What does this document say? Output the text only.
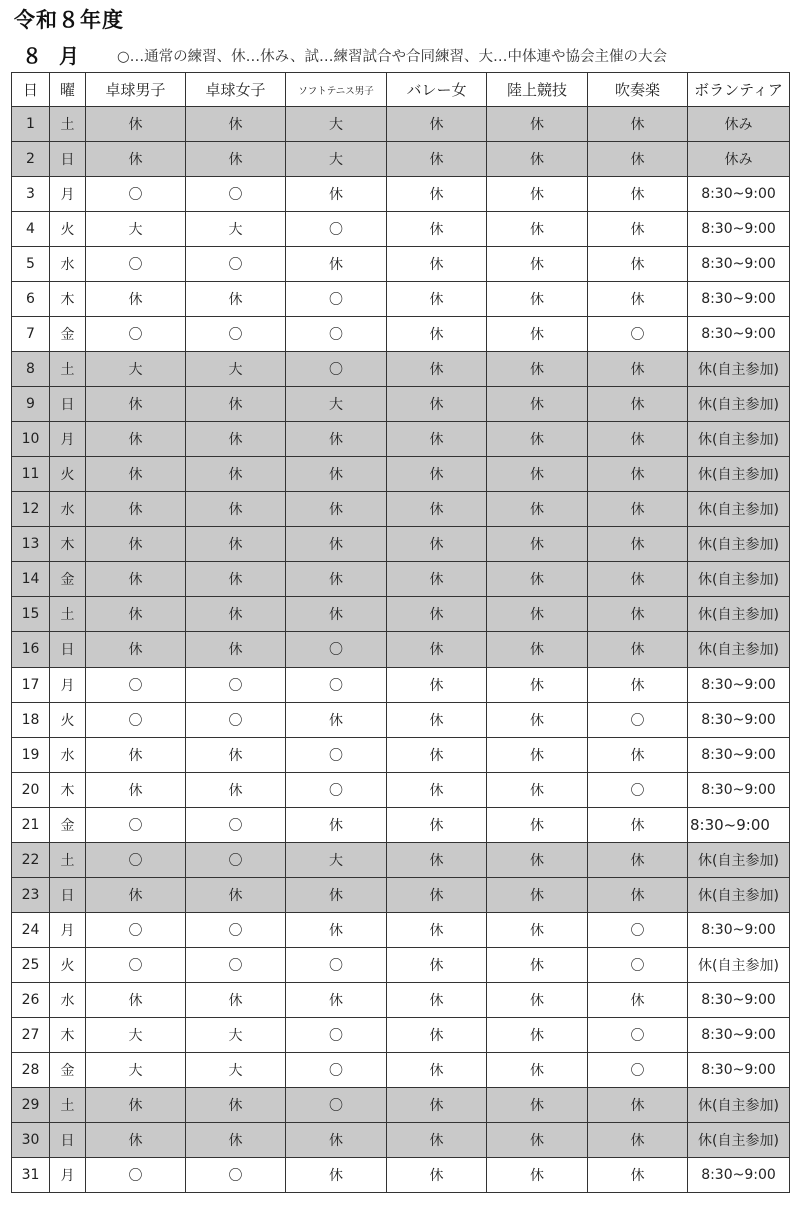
令和８年度
８ 月	○…通常の練習、休…休み、試…練習試合や合同練習、大…中体連や協会主催の大会
日	曜	卓球男子	卓球女子	ソフトテニス男子	バレー女	陸上競技	吹奏楽	ボランティア
1	土	休	休	大	休	休	休	休み
2	日	休	休	大	休	休	休	休み
3	月	〇	〇	休	休	休	休	8:30~9:00
4	火	大	大	〇	休	休	休	8:30~9:00
5	水	〇	〇	休	休	休	休	8:30~9:00
6	木	休	休	〇	休	休	休	8:30~9:00
7	金	〇	〇	〇	休	休	〇	8:30~9:00
8	土	大	大	〇	休	休	休	休(自主参加)
9	日	休	休	大	休	休	休	休(自主参加)
10	月	休	休	休	休	休	休	休(自主参加)
11	火	休	休	休	休	休	休	休(自主参加)
12	水	休	休	休	休	休	休	休(自主参加)
13	木	休	休	休	休	休	休	休(自主参加)
14	金	休	休	休	休	休	休	休(自主参加)
15	土	休	休	休	休	休	休	休(自主参加)
16	日	休	休	〇	休	休	休	休(自主参加)
17	月	〇	〇	〇	休	休	休	8:30~9:00
18	火	〇	〇	休	休	休	〇	8:30~9:00
19	水	休	休	〇	休	休	休	8:30~9:00
20	木	休	休	〇	休	休	〇	8:30~9:00
21	金	〇	〇	休	休	休	休	8:30~9:00
22	土	〇	〇	大	休	休	休	休(自主参加)
23	日	休	休	休	休	休	休	休(自主参加)
24	月	〇	〇	休	休	休	〇	8:30~9:00
25	火	〇	〇	〇	休	休	〇	休(自主参加)
26	水	休	休	休	休	休	休	8:30~9:00
27	木	大	大	〇	休	休	〇	8:30~9:00
28	金	大	大	〇	休	休	〇	8:30~9:00
29	土	休	休	〇	休	休	休	休(自主参加)
30	日	休	休	休	休	休	休	休(自主参加)
31	月	〇	〇	休	休	休	休	8:30~9:00
